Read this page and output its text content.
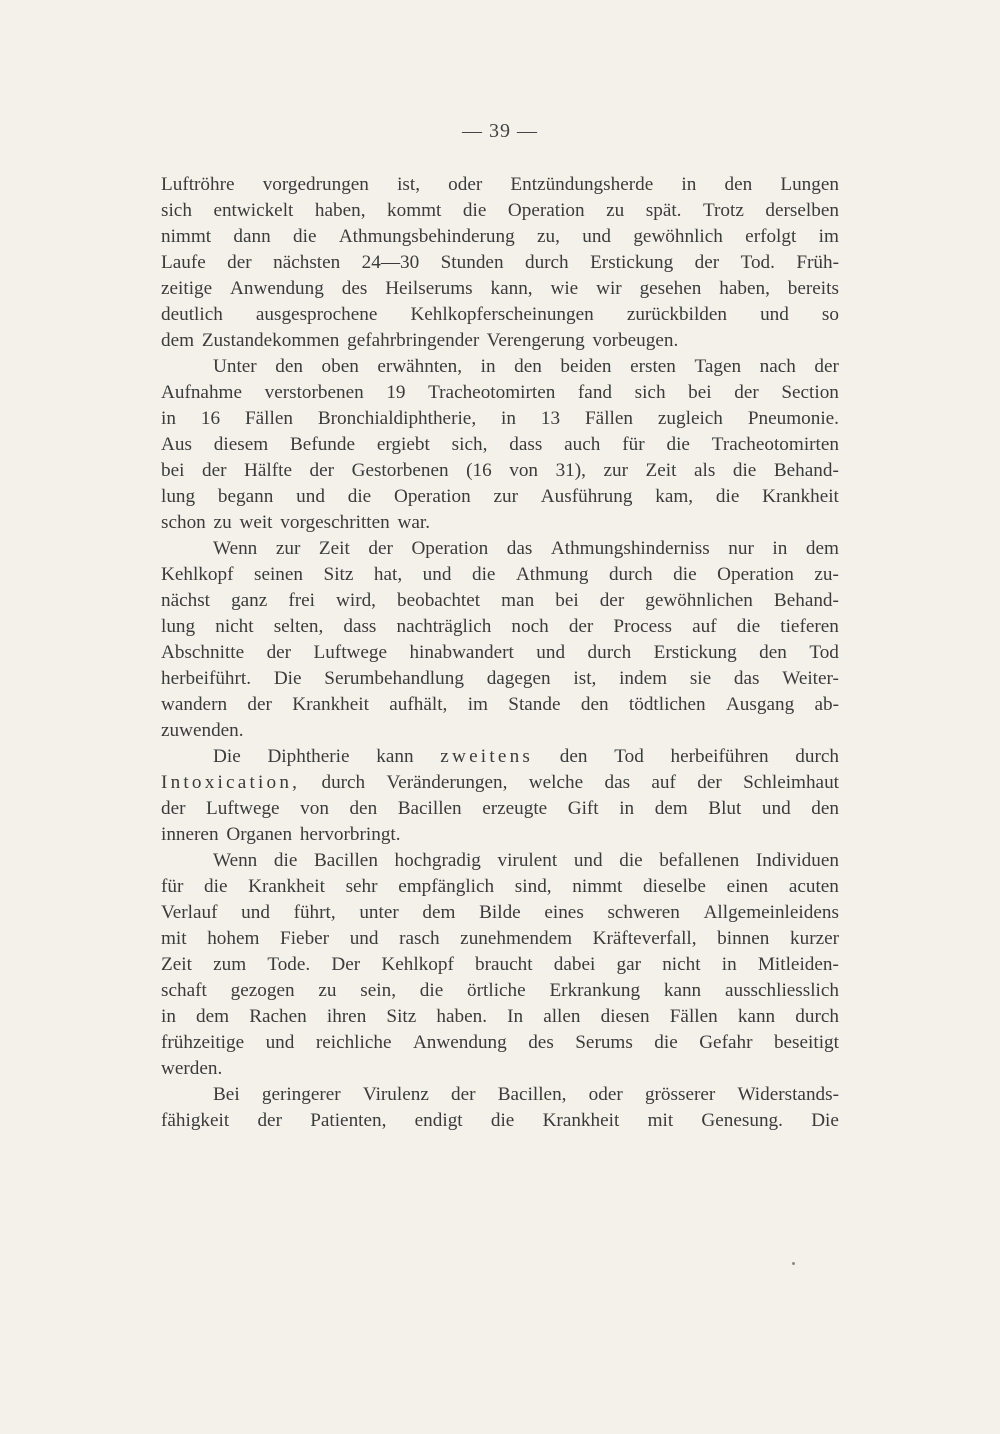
— 39 —
Luftröhre vorgedrungen ist, oder Entzündungsherde in den Lungen
sich entwickelt haben, kommt die Operation zu spät. Trotz derselben
nimmt dann die Athmungsbehinderung zu, und gewöhnlich erfolgt im
Laufe der nächsten 24—30 Stunden durch Erstickung der Tod. Früh-
zeitige Anwendung des Heilserums kann, wie wir gesehen haben, bereits
deutlich ausgesprochene Kehlkopferscheinungen zurückbilden und so
dem Zustandekommen gefahrbringender Verengerung vorbeugen.
Unter den oben erwähnten, in den beiden ersten Tagen nach der
Aufnahme verstorbenen 19 Tracheotomirten fand sich bei der Section
in 16 Fällen Bronchialdiphtherie, in 13 Fällen zugleich Pneumonie.
Aus diesem Befunde ergiebt sich, dass auch für die Tracheotomirten
bei der Hälfte der Gestorbenen (16 von 31), zur Zeit als die Behand-
lung begann und die Operation zur Ausführung kam, die Krankheit
schon zu weit vorgeschritten war.
Wenn zur Zeit der Operation das Athmungshinderniss nur in dem
Kehlkopf seinen Sitz hat, und die Athmung durch die Operation zu-
nächst ganz frei wird, beobachtet man bei der gewöhnlichen Behand-
lung nicht selten, dass nachträglich noch der Process auf die tieferen
Abschnitte der Luftwege hinabwandert und durch Erstickung den Tod
herbeiführt. Die Serumbehandlung dagegen ist, indem sie das Weiter-
wandern der Krankheit aufhält, im Stande den tödtlichen Ausgang ab-
zuwenden.
Die Diphtherie kann zweitens den Tod herbeiführen durch
Intoxication, durch Veränderungen, welche das auf der Schleimhaut
der Luftwege von den Bacillen erzeugte Gift in dem Blut und den
inneren Organen hervorbringt.
Wenn die Bacillen hochgradig virulent und die befallenen Individuen
für die Krankheit sehr empfänglich sind, nimmt dieselbe einen acuten
Verlauf und führt, unter dem Bilde eines schweren Allgemeinleidens
mit hohem Fieber und rasch zunehmendem Kräfteverfall, binnen kurzer
Zeit zum Tode. Der Kehlkopf braucht dabei gar nicht in Mitleiden-
schaft gezogen zu sein, die örtliche Erkrankung kann ausschliesslich
in dem Rachen ihren Sitz haben. In allen diesen Fällen kann durch
frühzeitige und reichliche Anwendung des Serums die Gefahr beseitigt
werden.
Bei geringerer Virulenz der Bacillen, oder grösserer Widerstands-
fähigkeit der Patienten, endigt die Krankheit mit Genesung. Die
